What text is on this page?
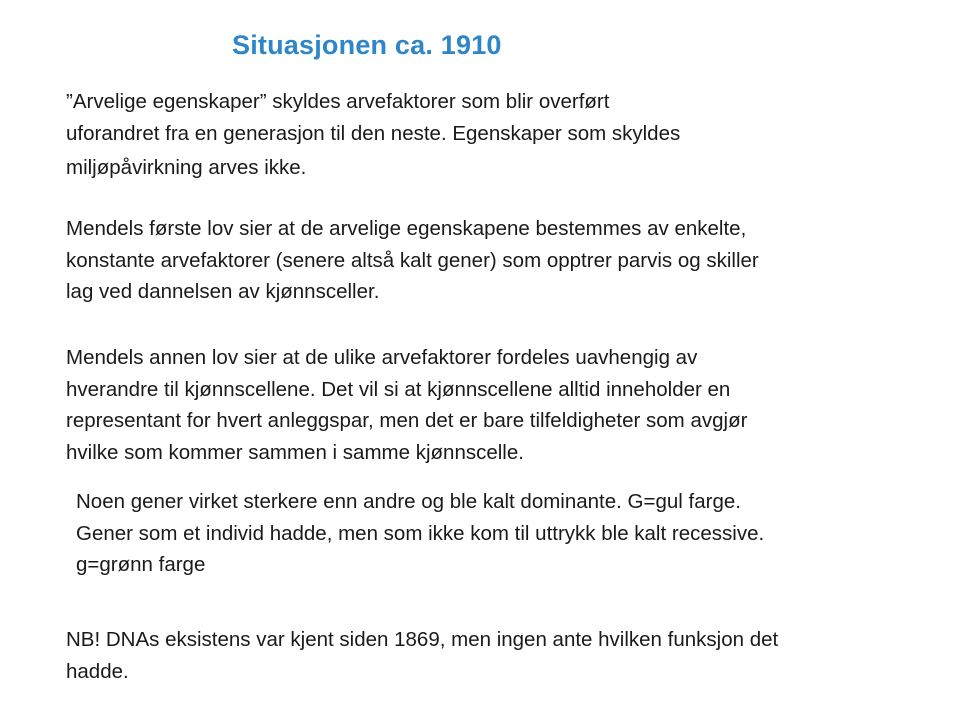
Situasjonen ca. 1910
”Arvelige egenskaper” skyldes arvefaktorer som blir overført
uforandret fra en generasjon til den neste. Egenskaper som skyldes
miljøpåvirkning arves ikke.
Mendels første lov sier at de arvelige egenskapene bestemmes av enkelte,
konstante arvefaktorer (senere altså kalt gener) som opptrer parvis og skiller
lag ved dannelsen av kjønnsceller.
Mendels annen lov sier at de ulike arvefaktorer fordeles uavhengig av
hverandre til kjønnscellene. Det vil si at kjønnscellene alltid inneholder en
representant for hvert anleggspar, men det er bare tilfeldigheter som avgjør
hvilke som kommer sammen i samme kjønnscelle.
Noen gener virket sterkere enn andre og ble kalt dominante. G=gul farge.
Gener som et individ hadde, men som ikke kom til uttrykk ble kalt recessive.
g=grønn farge
NB! DNAs eksistens var kjent siden 1869, men ingen ante hvilken funksjon det
hadde.
